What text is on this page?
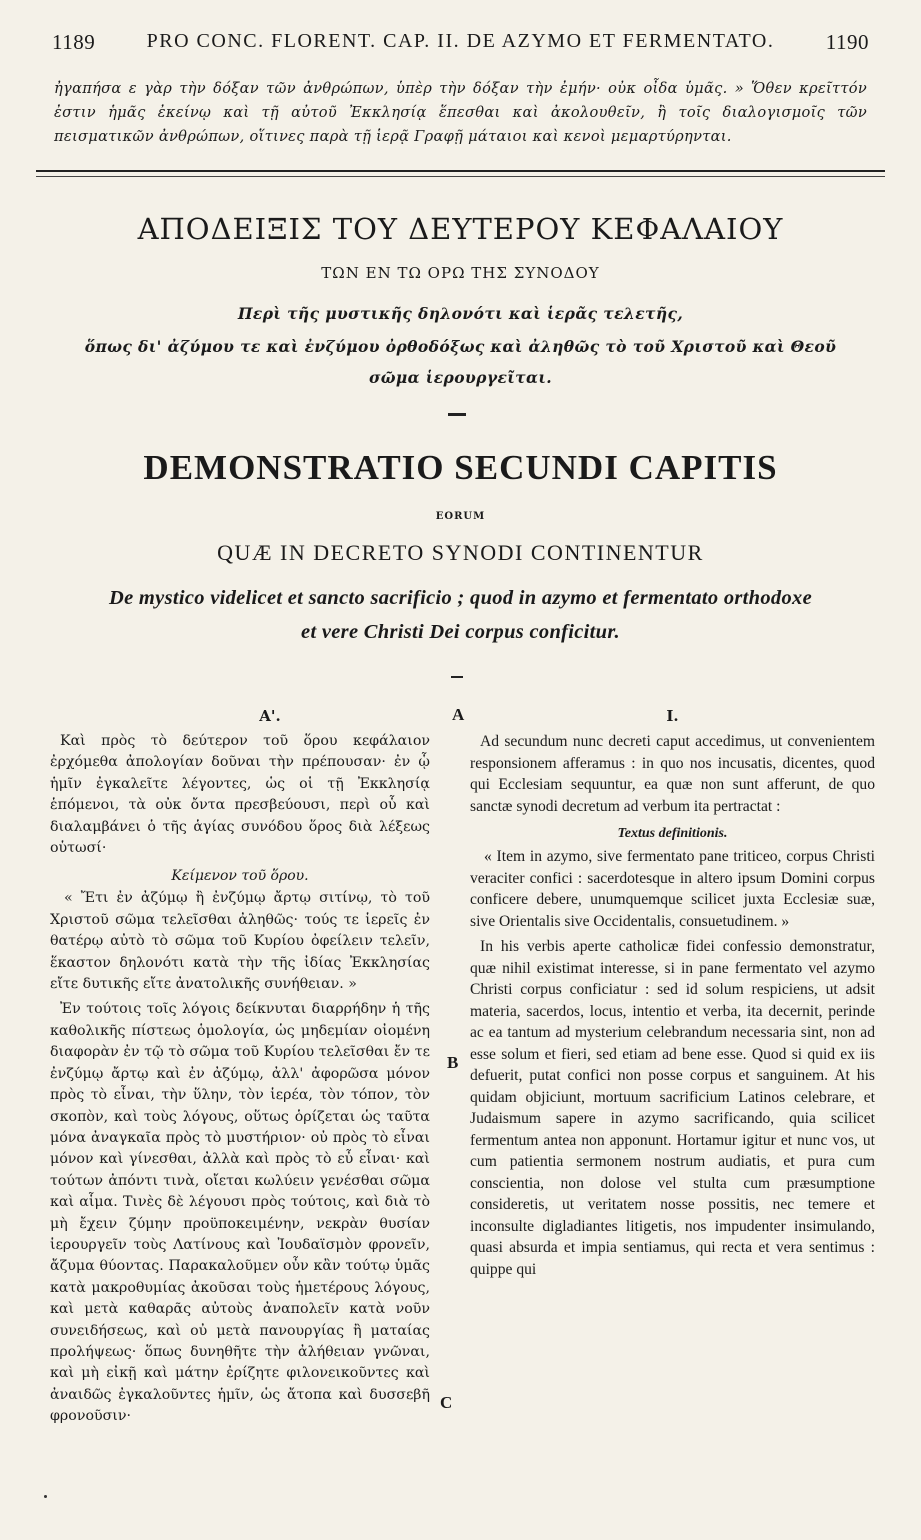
1189	PRO CONC. FLORENT. CAP. II. DE AZYMO ET FERMENTATO.	1190

ἠγαπήσα ε γὰρ τὴν δόξαν τῶν ἀνθρώπων, ὑπὲρ τὴν δόξαν τὴν ἐμήν· οὐκ οἶδα ὑμᾶς. » Ὅθεν κρεῖττόν ἐστιν ἡμᾶς ἐκείνῳ καὶ τῇ αὐτοῦ Ἐκκλησίᾳ ἕπεσθαι καὶ ἀκολουθεῖν, ἢ τοῖς διαλογισμοῖς τῶν πεισματικῶν ἀνθρώπων, οἵτινες παρὰ τῇ ἱερᾷ Γραφῇ μάταιοι καὶ κενοὶ μεμαρτύρηνται.

ΑΠΟΔΕΙΞΙΣ ΤΟΥ ΔΕΥΤΕΡΟΥ ΚΕΦΑΛΑΙΟΥ
ΤΩΝ ΕΝ ΤΩ ΟΡΩ ΤΗΣ ΣΥΝΟΔΟΥ
Περὶ τῆς μυστικῆς δηλονότι καὶ ἱερᾶς τελετῆς,
ὅπως δι' ἀζύμου τε καὶ ἐνζύμου ὀρθοδόξως καὶ ἀληθῶς τὸ τοῦ Χριστοῦ καὶ Θεοῦ
σῶμα ἱερουργεῖται.
DEMONSTRATIO SECUNDI CAPITIS
EORUM
QUÆ IN DECRETO SYNODI CONTINENTUR
De mystico videlicet et sancto sacrificio ; quod in azymo et fermentato orthodoxe
et vere Christi Dei corpus conficitur.
A
B
C
Α'.

Καὶ πρὸς τὸ δεύτερον τοῦ ὅρου κεφάλαιον ἐρχόμεθα ἀπολογίαν δοῦναι τὴν πρέπουσαν· ἐν ᾧ ἡμῖν ἐγκαλεῖτε λέγοντες, ὡς οἱ τῇ Ἐκκλησίᾳ ἑπόμενοι, τὰ οὐκ ὄντα πρεσβεύουσι, περὶ οὗ καὶ διαλαμβάνει ὁ τῆς ἁγίας συνόδου ὅρος διὰ λέξεως οὑτωσί·

Κείμενον τοῦ ὅρου.

« Ἔτι ἐν ἀζύμῳ ἢ ἐνζύμῳ ἄρτῳ σιτίνῳ, τὸ τοῦ Χριστοῦ σῶμα τελεῖσθαι ἀληθῶς· τούς τε ἱερεῖς ἐν θατέρῳ αὐτὸ τὸ σῶμα τοῦ Κυρίου ὀφείλειν τελεῖν, ἕκαστον δηλονότι κατὰ τὴν τῆς ἰδίας Ἐκκλησίας εἴτε δυτικῆς εἴτε ἀνατολικῆς συνήθειαν. »

Ἐν τούτοις τοῖς λόγοις δείκνυται διαρρήδην ἡ τῆς καθολικῆς πίστεως ὁμολογία, ὡς μηδεμίαν οἰομένη διαφορὰν ἐν τῷ τὸ σῶμα τοῦ Κυρίου τελεῖσθαι ἔν τε ἐνζύμῳ ἄρτῳ καὶ ἐν ἀζύμῳ, ἀλλ' ἀφορῶσα μόνον πρὸς τὸ εἶναι, τὴν ὕλην, τὸν ἱερέα, τὸν τόπον, τὸν σκοπὸν, καὶ τοὺς λόγους, οὕτως ὁρίζεται ὡς ταῦτα μόνα ἀναγκαῖα πρὸς τὸ μυστήριον· οὐ πρὸς τὸ εἶναι μόνον καὶ γίνεσθαι, ἀλλὰ καὶ πρὸς τὸ εὖ εἶναι· καὶ τούτων ἀπόντι τινὰ, οἴεται κωλύειν γενέσθαι σῶμα καὶ αἷμα. Τινὲς δὲ λέγουσι πρὸς τούτοις, καὶ διὰ τὸ μὴ ἔχειν ζύμην προϋποκειμένην, νεκρὰν θυσίαν ἱερουργεῖν τοὺς Λατίνους καὶ Ἰουδαϊσμὸν φρονεῖν, ἄζυμα θύοντας. Παρακαλοῦμεν οὖν κἂν τούτῳ ὑμᾶς κατὰ μακροθυμίας ἀκοῦσαι τοὺς ἡμετέρους λόγους, καὶ μετὰ καθαρᾶς αὐτοὺς ἀναπολεῖν κατὰ νοῦν συνειδήσεως, καὶ οὐ μετὰ πανουργίας ἢ ματαίας προλήψεως· ὅπως δυνηθῆτε τὴν ἀλήθειαν γνῶναι, καὶ μὴ εἰκῇ καὶ μάτην ἐρίζητε φιλονεικοῦντες καὶ ἀναιδῶς ἐγκαλοῦντες ἡμῖν, ὡς ἄτοπα καὶ δυσσεβῆ φρονοῦσιν·

I.

Ad secundum nunc decreti caput accedimus, ut convenientem responsionem afferamus : in quo nos incusatis, dicentes, quod qui Ecclesiam sequuntur, ea quæ non sunt afferunt, de quo sanctæ synodi decretum ad verbum ita pertractat :

Textus definitionis.

« Item in azymo, sive fermentato pane triticeo, corpus Christi veraciter confici : sacerdotesque in altero ipsum Domini corpus conficere debere, unumquemque scilicet juxta Ecclesiæ suæ, sive Orientalis sive Occidentalis, consuetudinem. »

In his verbis aperte catholicæ fidei confessio demonstratur, quæ nihil existimat interesse, si in pane fermentato vel azymo Christi corpus conficiatur : sed id solum respiciens, ut adsit materia, sacerdos, locus, intentio et verba, ita decernit, perinde ac ea tantum ad mysterium celebrandum necessaria sint, non ad esse solum et fieri, sed etiam ad bene esse. Quod si quid ex iis defuerit, putat confici non posse corpus et sanguinem. At his quidam objiciunt, mortuum sacrificium Latinos celebrare, et Judaismum sapere in azymo sacrificando, quia scilicet fermentum antea non apponunt. Hortamur igitur et nunc vos, ut cum patientia sermonem nostrum audiatis, et pura cum conscientia, non dolose vel stulta cum præsumptione consideretis, ut veritatem nosse possitis, nec temere et inconsulte digladiantes litigetis, nos impudenter insimulando, quasi absurda et impia sentiamus, qui recta et vera sentimus : quippe qui
